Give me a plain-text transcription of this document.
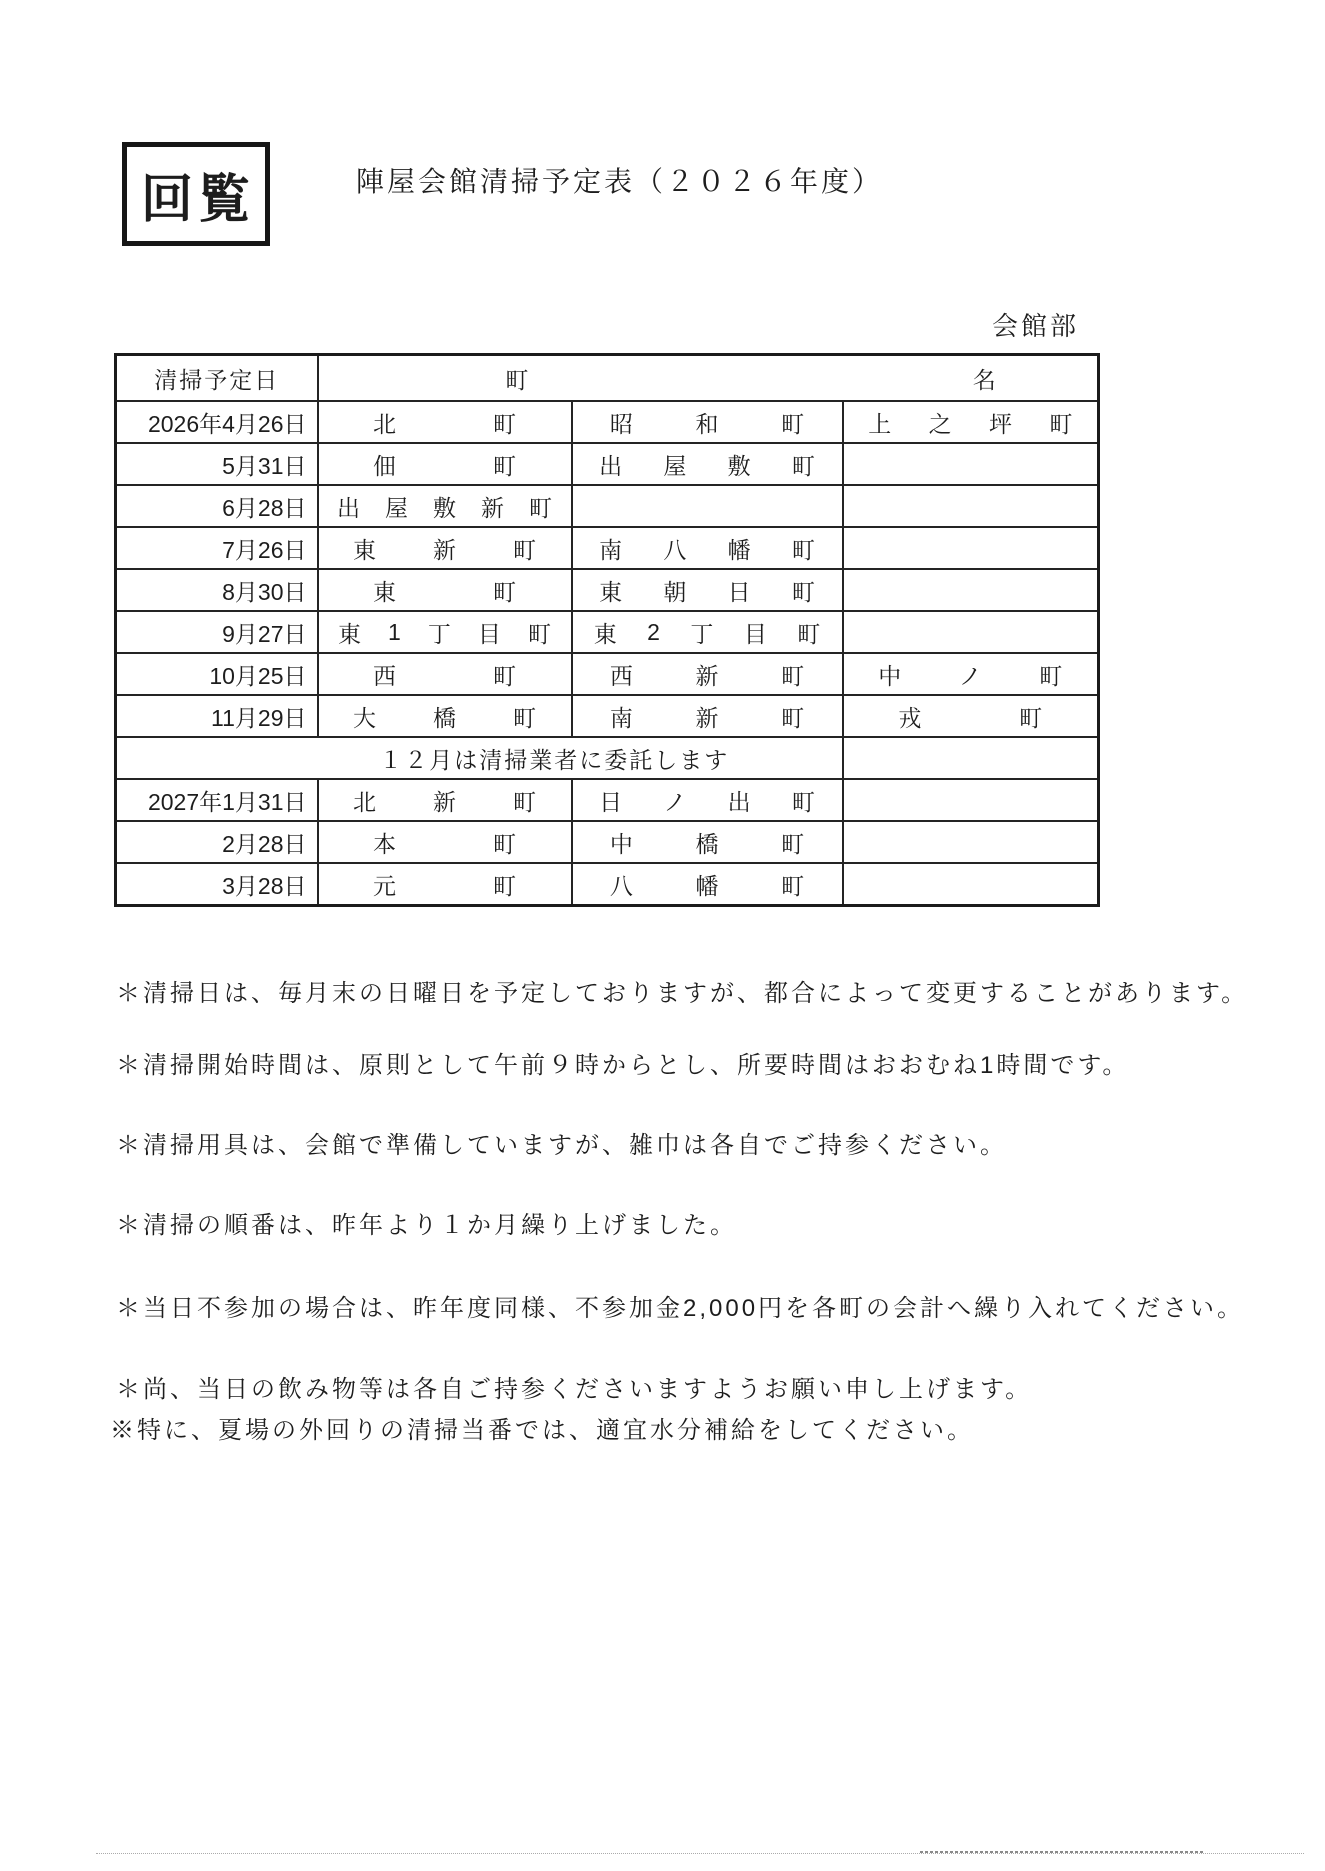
回覧	陣屋会館清掃予定表（２０２６年度）
会館部
清掃予定日	町 名		

2026年4月26日	北 町	昭 和 町	上 之 坪 町

5月31日	佃 町	出 屋 敷 町	

6月28日	出 屋 敷 新 町		

7月26日	東 新 町	南 八 幡 町	

8月30日	東 町	東 朝 日 町	

9月27日	東 1 丁 目 町	東 2 丁 目 町	

10月25日	西 町	西 新 町	中 ノ 町

11月29日	大 橋 町	南 新 町	戎 町

１２月は清掃業者に委託します			
2027年1月31日	北 新 町	日 ノ 出 町	

2月28日	本 町	中 橋 町	

3月28日	元 町	八 幡 町	

＊清掃日は、毎月末の日曜日を予定しておりますが、都合によって変更することがあります。
＊清掃開始時間は、原則として午前９時からとし、所要時間はおおむね1時間です。
＊清掃用具は、会館で準備していますが、雑巾は各自でご持参ください。
＊清掃の順番は、昨年より１か月繰り上げました。
＊当日不参加の場合は、昨年度同様、不参加金2,000円を各町の会計へ繰り入れてください。
＊尚、当日の飲み物等は各自ご持参くださいますようお願い申し上げます。
※特に、夏場の外回りの清掃当番では、適宜水分補給をしてください。
